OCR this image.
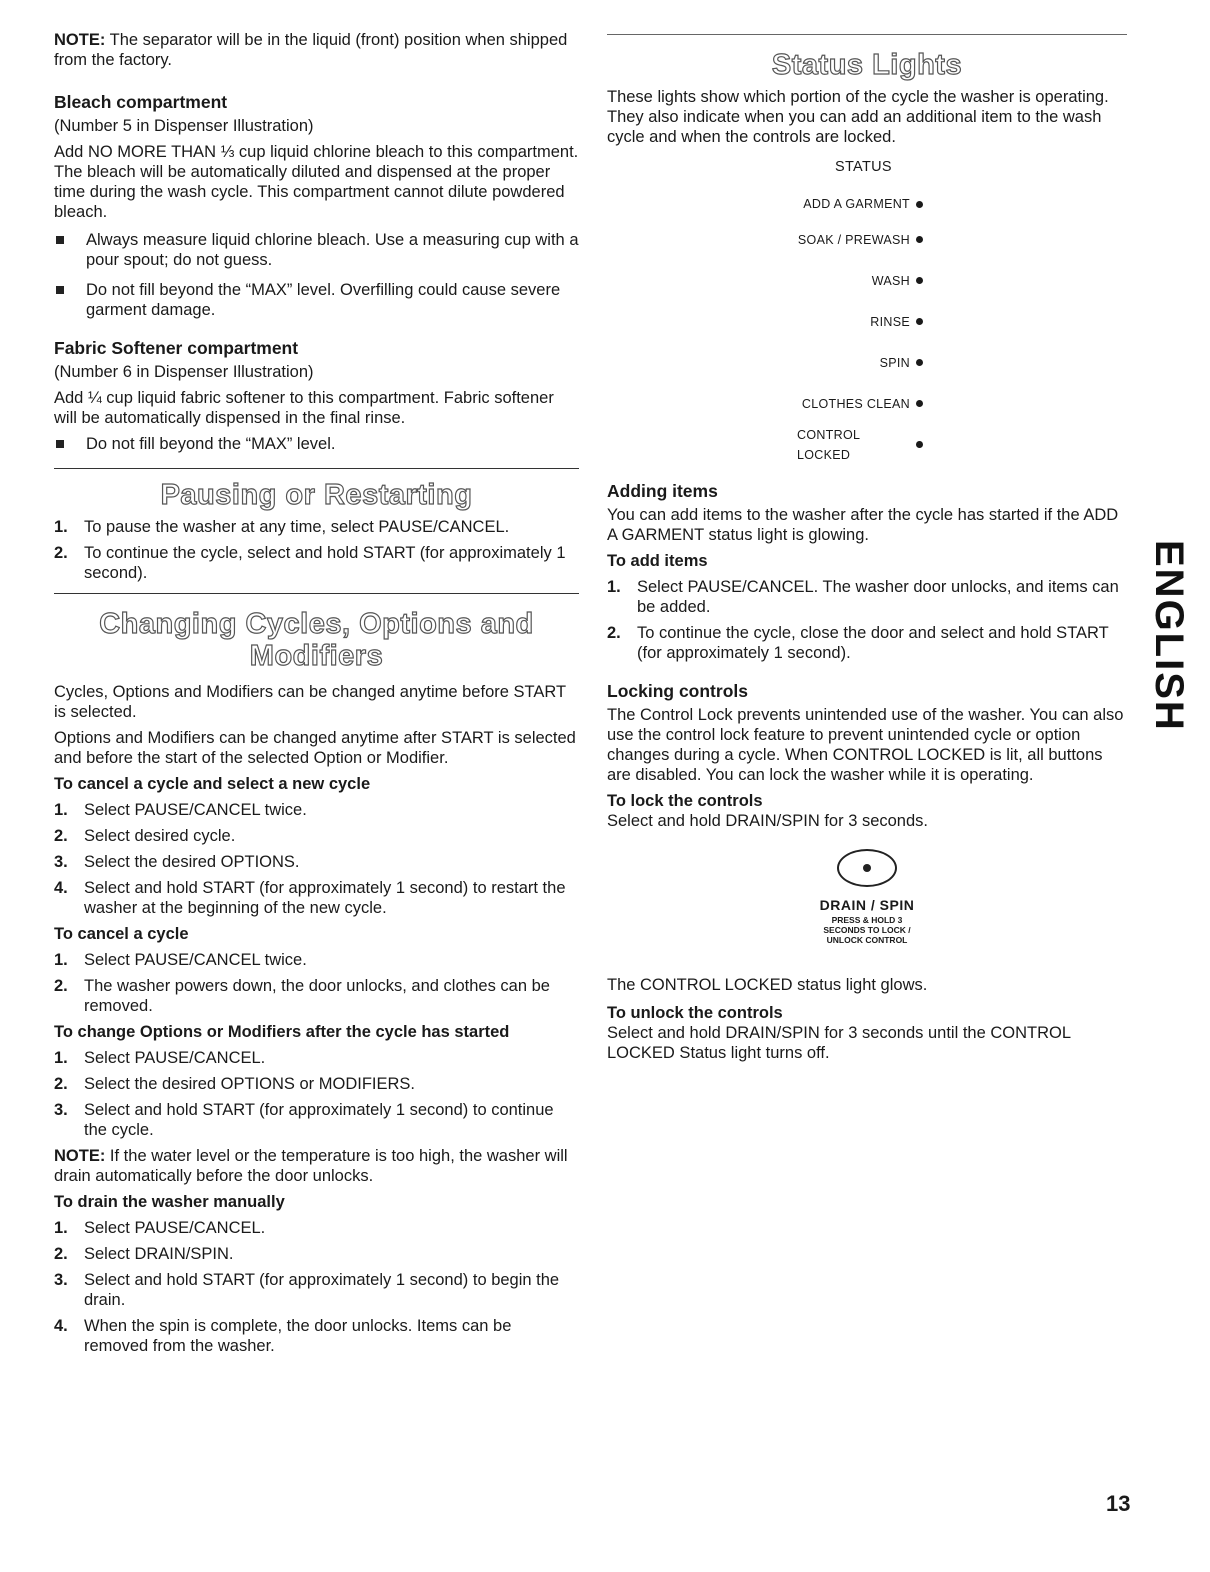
NOTE: The separator will be in the liquid (front) position when shipped from the factory.

Bleach compartment

(Number 5 in Dispenser Illustration)

Add NO MORE THAN ⅓ cup liquid chlorine bleach to this compartment. The bleach will be automatically diluted and dispensed at the proper time during the wash cycle. This compartment cannot dilute powdered bleach.

Always measure liquid chlorine bleach. Use a measuring cup with a pour spout; do not guess.
Do not fill beyond the “MAX” level. Overfilling could cause severe garment damage.
Fabric Softener compartment

(Number 6 in Dispenser Illustration)

Add ¼ cup liquid fabric softener to this compartment. Fabric softener will be automatically dispensed in the final rinse.

Do not fill beyond the “MAX” level.
Pausing or Restarting
1. To pause the washer at any time, select PAUSE/CANCEL.
2. To continue the cycle, select and hold START (for approximately 1 second).
Changing Cycles, Options and Modifiers

Cycles, Options and Modifiers can be changed anytime before START is selected.

Options and Modifiers can be changed anytime after START is selected and before the start of the selected Option or Modifier.

To cancel a cycle and select a new cycle
1. Select PAUSE/CANCEL twice.
2. Select desired cycle.
3. Select the desired OPTIONS.
4. Select and hold START (for approximately 1 second) to restart the washer at the beginning of the new cycle.
To cancel a cycle
1. Select PAUSE/CANCEL twice.
2. The washer powers down, the door unlocks, and clothes can be removed.
To change Options or Modifiers after the cycle has started
1. Select PAUSE/CANCEL.
2. Select the desired OPTIONS or MODIFIERS.
3. Select and hold START (for approximately 1 second) to continue the cycle.

NOTE: If the water level or the temperature is too high, the washer will drain automatically before the door unlocks.

To drain the washer manually
1. Select PAUSE/CANCEL.
2. Select DRAIN/SPIN.
3. Select and hold START (for approximately 1 second) to begin the drain.
4. When the spin is complete, the door unlocks. Items can be removed from the washer.
Status Lights

These lights show which portion of the cycle the washer is operating. They also indicate when you can add an additional item to the wash cycle and when the controls are locked.

STATUS
ADD A GARMENT
SOAK / PREWASH
WASH
RINSE
SPIN
CLOTHES CLEAN
CONTROL LOCKED
Adding items

You can add items to the washer after the cycle has started if the ADD A GARMENT status light is glowing.

To add items
1. Select PAUSE/CANCEL. The washer door unlocks, and items can be added.
2. To continue the cycle, close the door and select and hold START (for approximately 1 second).
Locking controls

The Control Lock prevents unintended use of the washer. You can also use the control lock feature to prevent unintended cycle or option changes during a cycle. When CONTROL LOCKED is lit, all buttons are disabled. You can lock the washer while it is operating.

To lock the controls

Select and hold DRAIN/SPIN for 3 seconds.

DRAIN / SPIN
PRESS & HOLD 3
SECONDS TO LOCK /
UNLOCK CONTROL

The CONTROL LOCKED status light glows.

To unlock the controls

Select and hold DRAIN/SPIN for 3 seconds until the CONTROL LOCKED Status light turns off.

ENGLISH
13
